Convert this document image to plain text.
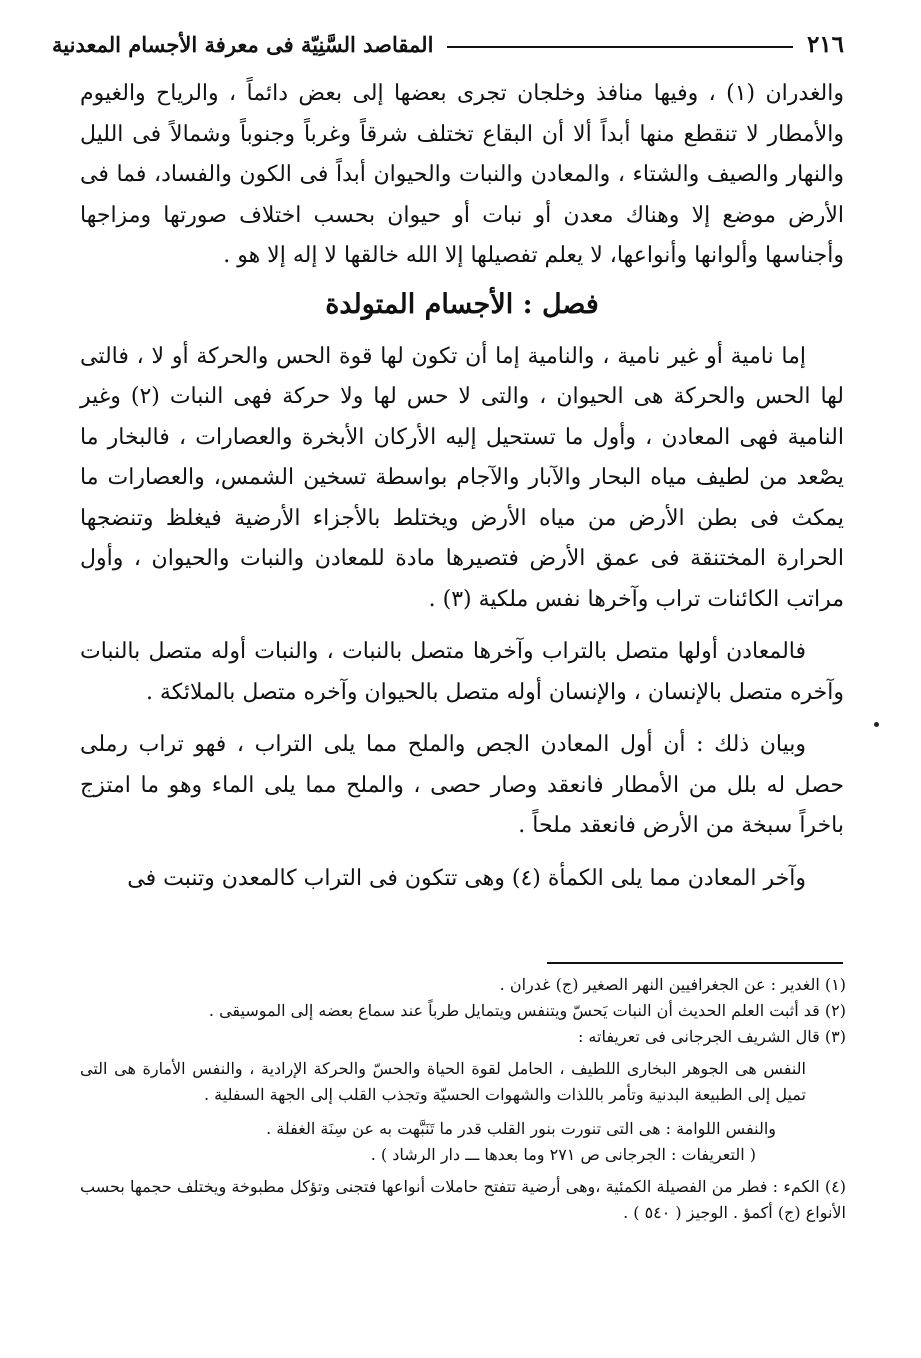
٢١٦
المقاصد السَّنِيّة فى معرفة الأجسام المعدنية

والغدران (١) ، وفيها منافذ وخلجان تجرى بعضها إلى بعض دائماً ، والرياح والغيوم والأمطار لا تنقطع منها أبداً ألا أن البقاع تختلف شرقاً وغرباً وجنوباً وشمالاً فى الليل والنهار والصيف والشتاء ، والمعادن والنبات والحيوان أبداً فى الكون والفساد، فما فى الأرض موضع إلا وهناك معدن أو نبات أو حيوان بحسب اختلاف صورتها ومزاجها وأجناسها وألوانها وأنواعها، لا يعلم تفصيلها إلا الله خالقها لا إله إلا هو .

فصل : الأجسام المتولدة

إما نامية أو غير نامية ، والنامية إما أن تكون لها قوة الحس والحركة أو لا ، فالتى لها الحس والحركة هى الحيوان ، والتى لا حس لها ولا حركة فهى النبات (٢) وغير النامية فهى المعادن ، وأول ما تستحيل إليه الأركان الأبخرة والعصارات ، فالبخار ما يصْعد من لطيف مياه البحار والآبار والآجام بواسطة تسخين الشمس، والعصارات ما يمكث فى بطن الأرض من مياه الأرض ويختلط بالأجزاء الأرضية فيغلظ وتنضجها الحرارة المختنقة فى عمق الأرض فتصيرها مادة للمعادن والنبات والحيوان ، وأول مراتب الكائنات تراب وآخرها نفس ملكية (٣) .

فالمعادن أولها متصل بالتراب وآخرها متصل بالنبات ، والنبات أوله متصل بالنبات وآخره متصل بالإنسان ، والإنسان أوله متصل بالحيوان وآخره متصل بالملائكة .

وبيان ذلك : أن أول المعادن الجص والملح مما يلى التراب ، فهو تراب رملى حصل له بلل من الأمطار فانعقد وصار حصى ، والملح مما يلى الماء وهو ما امتزج باخراً سبخة من الأرض فانعقد ملحاً .

وآخر المعادن مما يلى الكمأة (٤) وهى تتكون فى التراب كالمعدن وتنبت فى

(١) الغدير : عن الجغرافيين النهر الصغير (ج) غدران .

(٢) قد أثبت العلم الحديث أن النبات يَحسّ ويتنفس ويتمايل طرباً عند سماع بعضه إلى الموسيقى .

(٣) قال الشريف الجرجانى فى تعريفاته :

النفس هى الجوهر البخارى اللطيف ، الحامل لقوة الحياة والحسّ والحركة الإرادية ، والنفس الأمارة هى التى تميل إلى الطبيعة البدنية وتأمر باللذات والشهوات الحسيّة وتجذب القلب إلى الجهة السفلية .

والنفس اللوامة : هى التى تنورت بنور القلب قدر ما تَنَبَّهت به عن سِنَة الغفلة .

( التعريفات : الجرجانى ص ٢٧١ وما بعدها ـــ دار الرشاد ) .

(٤) الكمء : فطر من الفصيلة الكمئية ،وهى أرضية تتفتح حاملات أنواعها فتجنى وتؤكل مطبوخة ويختلف حجمها بحسب الأنواع (ج) أكمؤ . الوجيز ( ٥٤٠ ) .
